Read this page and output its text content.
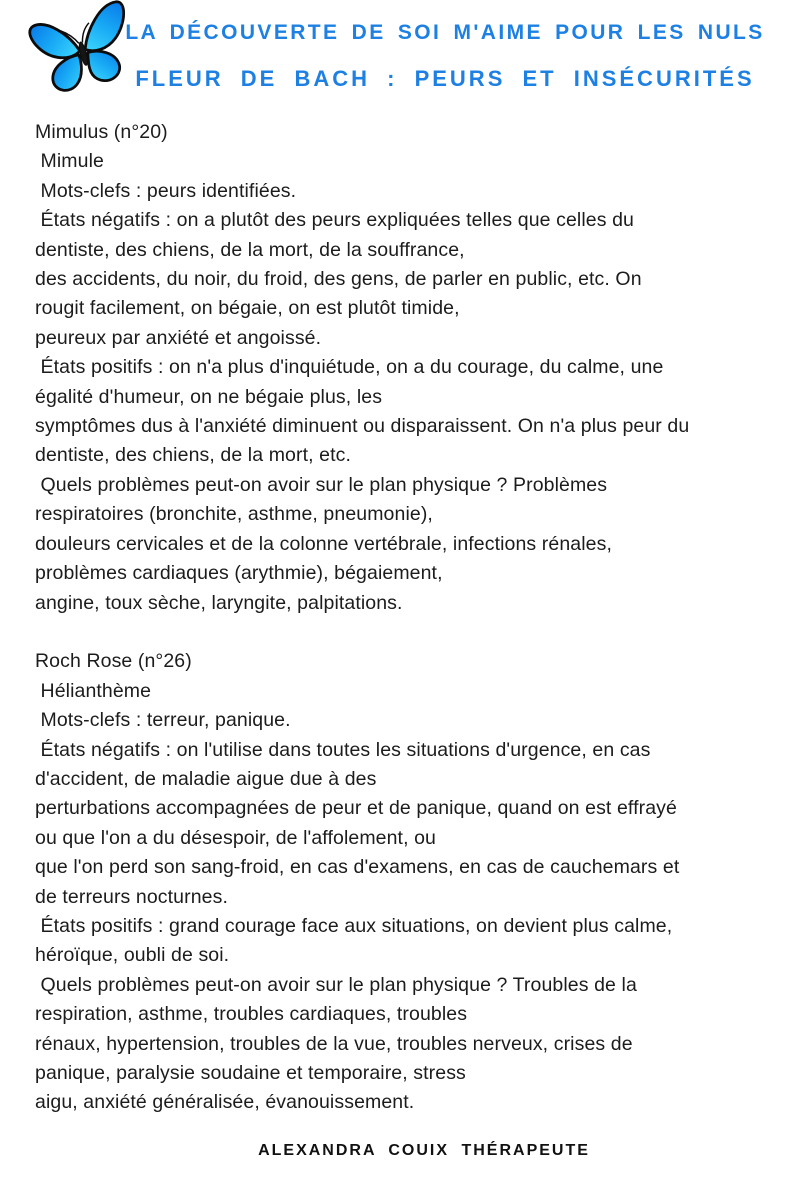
LA DÉCOUVERTE DE SOI M'AIME POUR LES NULS
FLEUR DE BACH : PEURS ET INSÉCURITÉS
Mimulus (n°20)
Mimule
Mots-clefs : peurs identifiées.
États négatifs : on a plutôt des peurs expliquées telles que celles du
dentiste, des chiens, de la mort, de la souffrance,
des accidents, du noir, du froid, des gens, de parler en public, etc. On
rougit facilement, on bégaie, on est plutôt timide,
peureux par anxiété et angoissé.
États positifs : on n'a plus d'inquiétude, on a du courage, du calme, une
égalité d'humeur, on ne bégaie plus, les
symptômes dus à l'anxiété diminuent ou disparaissent. On n'a plus peur du
dentiste, des chiens, de la mort, etc.
Quels problèmes peut-on avoir sur le plan physique ? Problèmes
respiratoires (bronchite, asthme, pneumonie),
douleurs cervicales et de la colonne vertébrale, infections rénales,
problèmes cardiaques (arythmie), bégaiement,
angine, toux sèche, laryngite, palpitations.
Roch Rose (n°26)
Hélianthème
Mots-clefs : terreur, panique.
États négatifs : on l'utilise dans toutes les situations d'urgence, en cas
d'accident, de maladie aigue due à des
perturbations accompagnées de peur et de panique, quand on est effrayé
ou que l'on a du désespoir, de l'affolement, ou
que l'on perd son sang-froid, en cas d'examens, en cas de cauchemars et
de terreurs nocturnes.
États positifs : grand courage face aux situations, on devient plus calme,
héroïque, oubli de soi.
Quels problèmes peut-on avoir sur le plan physique ? Troubles de la
respiration, asthme, troubles cardiaques, troubles
rénaux, hypertension, troubles de la vue, troubles nerveux, crises de
panique, paralysie soudaine et temporaire, stress
aigu, anxiété généralisée, évanouissement.
ALEXANDRA COUIX THÉRAPEUTE
